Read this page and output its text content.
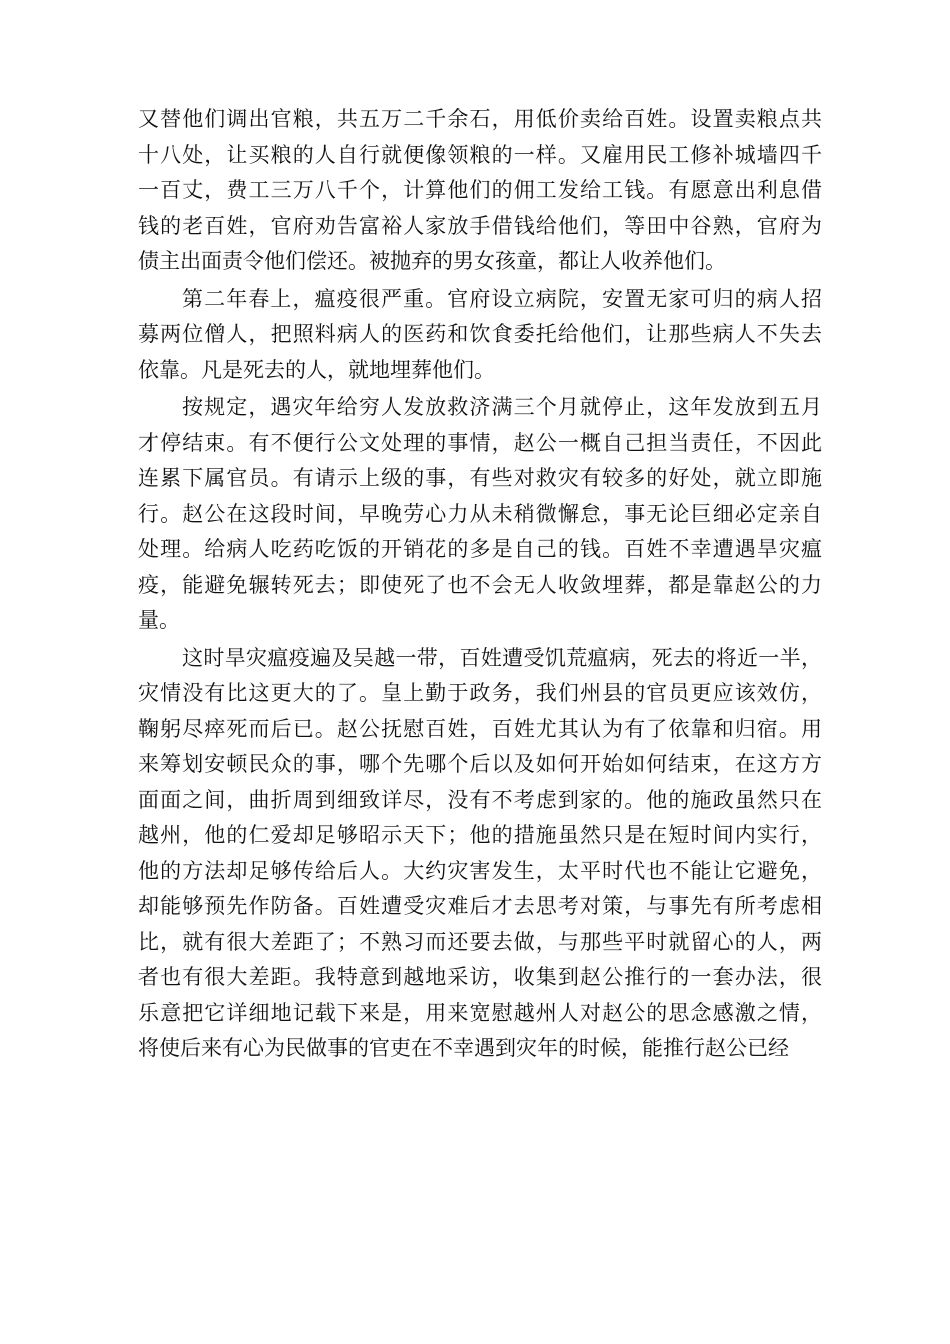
又替他们调出官粮，共五万二千余石，用低价卖给百姓。设置卖粮点共
十八处，让买粮的人自行就便像领粮的一样。又雇用民工修补城墙四千
一百丈，费工三万八千个，计算他们的佣工发给工钱。有愿意出利息借
钱的老百姓，官府劝告富裕人家放手借钱给他们，等田中谷熟，官府为
债主出面责令他们偿还。被抛弃的男女孩童，都让人收养他们。
第二年春上，瘟疫很严重。官府设立病院，安置无家可归的病人招
募两位僧人，把照料病人的医药和饮食委托给他们，让那些病人不失去
依靠。凡是死去的人，就地埋葬他们。
按规定，遇灾年给穷人发放救济满三个月就停止，这年发放到五月
才停结束。有不便行公文处理的事情，赵公一概自己担当责任，不因此
连累下属官员。有请示上级的事，有些对救灾有较多的好处，就立即施
行。赵公在这段时间，早晚劳心力从未稍微懈怠，事无论巨细必定亲自
处理。给病人吃药吃饭的开销花的多是自己的钱。百姓不幸遭遇旱灾瘟
疫，能避免辗转死去；即使死了也不会无人收敛埋葬，都是靠赵公的力
量。
这时旱灾瘟疫遍及吴越一带，百姓遭受饥荒瘟病，死去的将近一半，
灾情没有比这更大的了。皇上勤于政务，我们州县的官员更应该效仿，
鞠躬尽瘁死而后已。赵公抚慰百姓，百姓尤其认为有了依靠和归宿。用
来筹划安顿民众的事，哪个先哪个后以及如何开始如何结束，在这方方
面面之间，曲折周到细致详尽，没有不考虑到家的。他的施政虽然只在
越州，他的仁爱却足够昭示天下；他的措施虽然只是在短时间内实行，
他的方法却足够传给后人。大约灾害发生，太平时代也不能让它避免，
却能够预先作防备。百姓遭受灾难后才去思考对策，与事先有所考虑相
比，就有很大差距了；不熟习而还要去做，与那些平时就留心的人，两
者也有很大差距。我特意到越地采访，收集到赵公推行的一套办法，很
乐意把它详细地记载下来是，用来宽慰越州人对赵公的思念感激之情，
将使后来有心为民做事的官吏在不幸遇到灾年的时候，能推行赵公已经
